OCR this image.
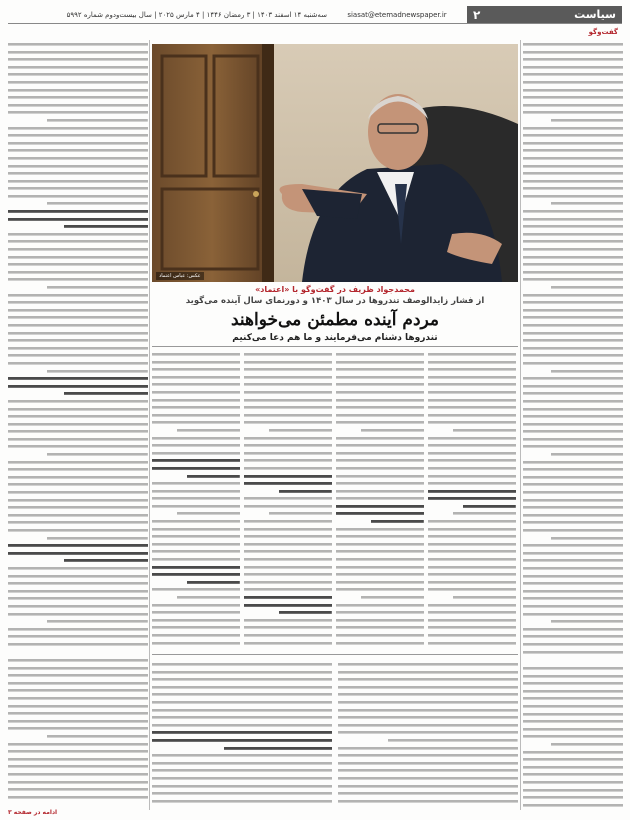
سیاست
۲
siasat@etemadnewspaper.ir
سه‌شنبه ۱۴ اسفند ۱۴۰۳ | ۳ رمضان ۱۴۴۶ | ۴ مارس ۲۰۲۵ | سال بیست‌ودوم شماره ۵۹۹۲
گفت‌وگو
عکس: عباس اعتماد
محمدجواد ظریف در گفت‌وگو با «اعتماد»
از فشار زاید‌الوصف تندروها در سال ۱۴۰۳ و دورنمای سال آینده می‌گوید
مردم آینده مطمئن می‌خواهند
تندروها دشنام می‌فرمایند و ما هم دعا می‌کنیم
ادامه در صفحه ۳
